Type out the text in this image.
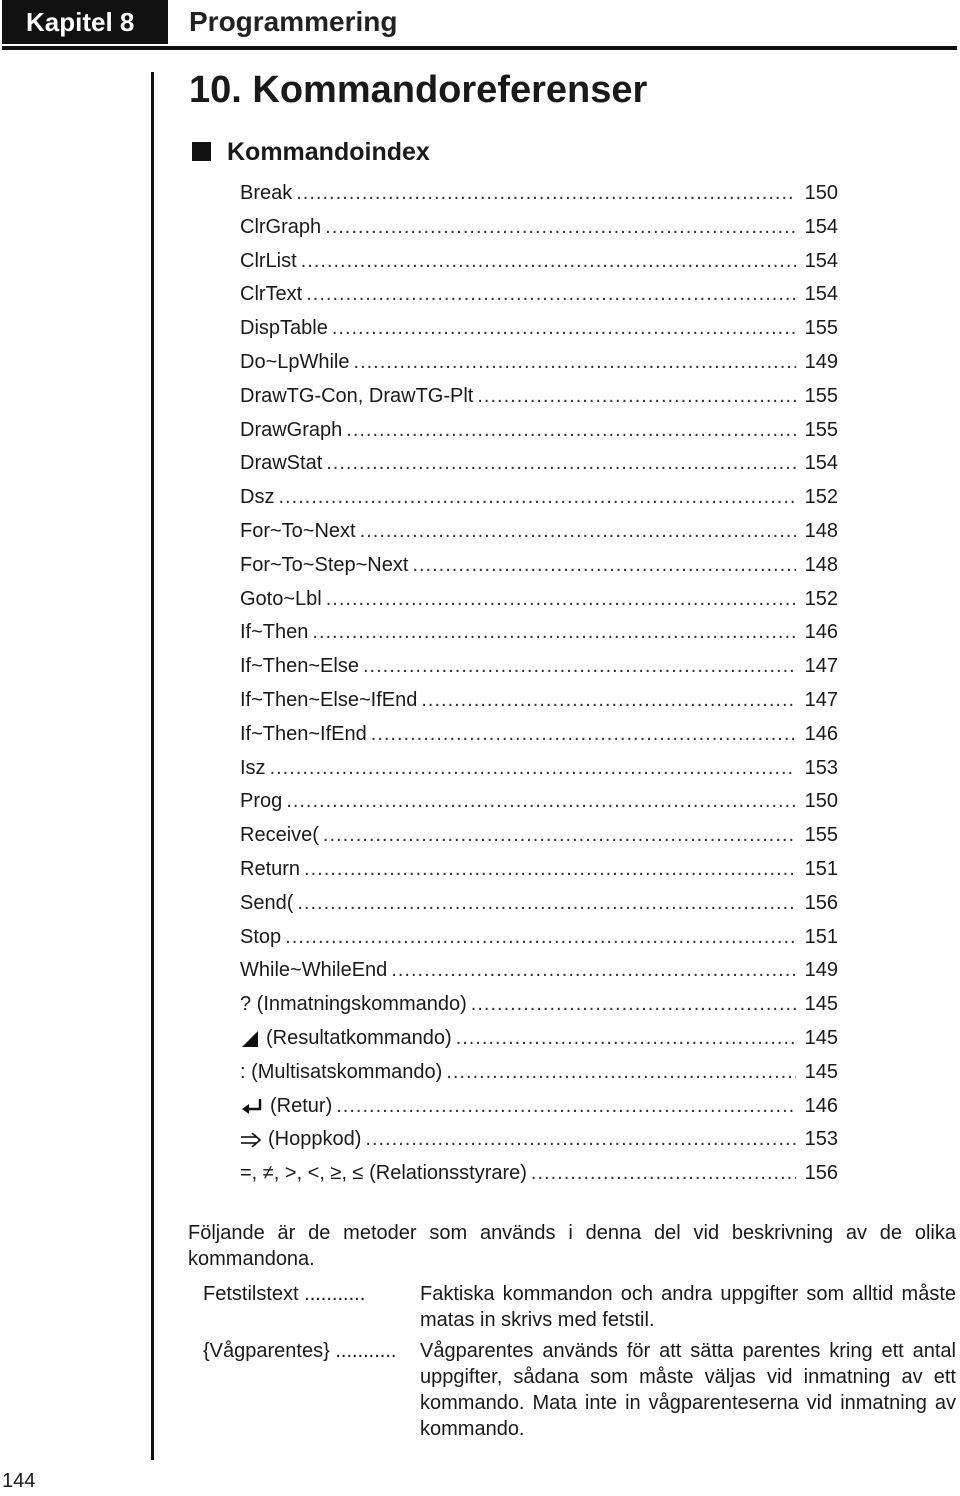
Kapitel 8	Programmering
10. Kommandoreferenser
Kommandoindex
Break .....	150
ClrGraph .....	154
ClrList .....	154
ClrText .....	154
DispTable .....	155
Do~LpWhile .....	149
DrawTG-Con, DrawTG-Plt .....	155
DrawGraph .....	155
DrawStat .....	154
Dsz .....	152
For~To~Next .....	148
For~To~Step~Next .....	148
Goto~Lbl .....	152
If~Then .....	146
If~Then~Else .....	147
If~Then~Else~IfEnd .....	147
If~Then~IfEnd .....	146
Isz .....	153
Prog .....	150
Receive( .....	155
Return .....	151
Send( .....	156
Stop .....	151
While~WhileEnd .....	149
? (Inmatningskommando) .....	145
(Resultatkommando) .....	145
: (Multisatskommando) .....	145
(Retur) .....	146
(Hoppkod) .....	153
=, ≠, >, <, ≥, ≤ (Relationsstyrare) .....	156
Följande är de metoder som används i denna del vid beskrivning av de olika kommandona.
Fetstilstext ...........	Faktiska kommandon och andra uppgifter som alltid måste matas in skrivs med fetstil.
{Vågparentes} ...........	Vågparentes används för att sätta parentes kring ett antal uppgifter, sådana som måste väljas vid inmatning av ett kommando. Mata inte in vågparenteserna vid inmatning av kommando.
144
